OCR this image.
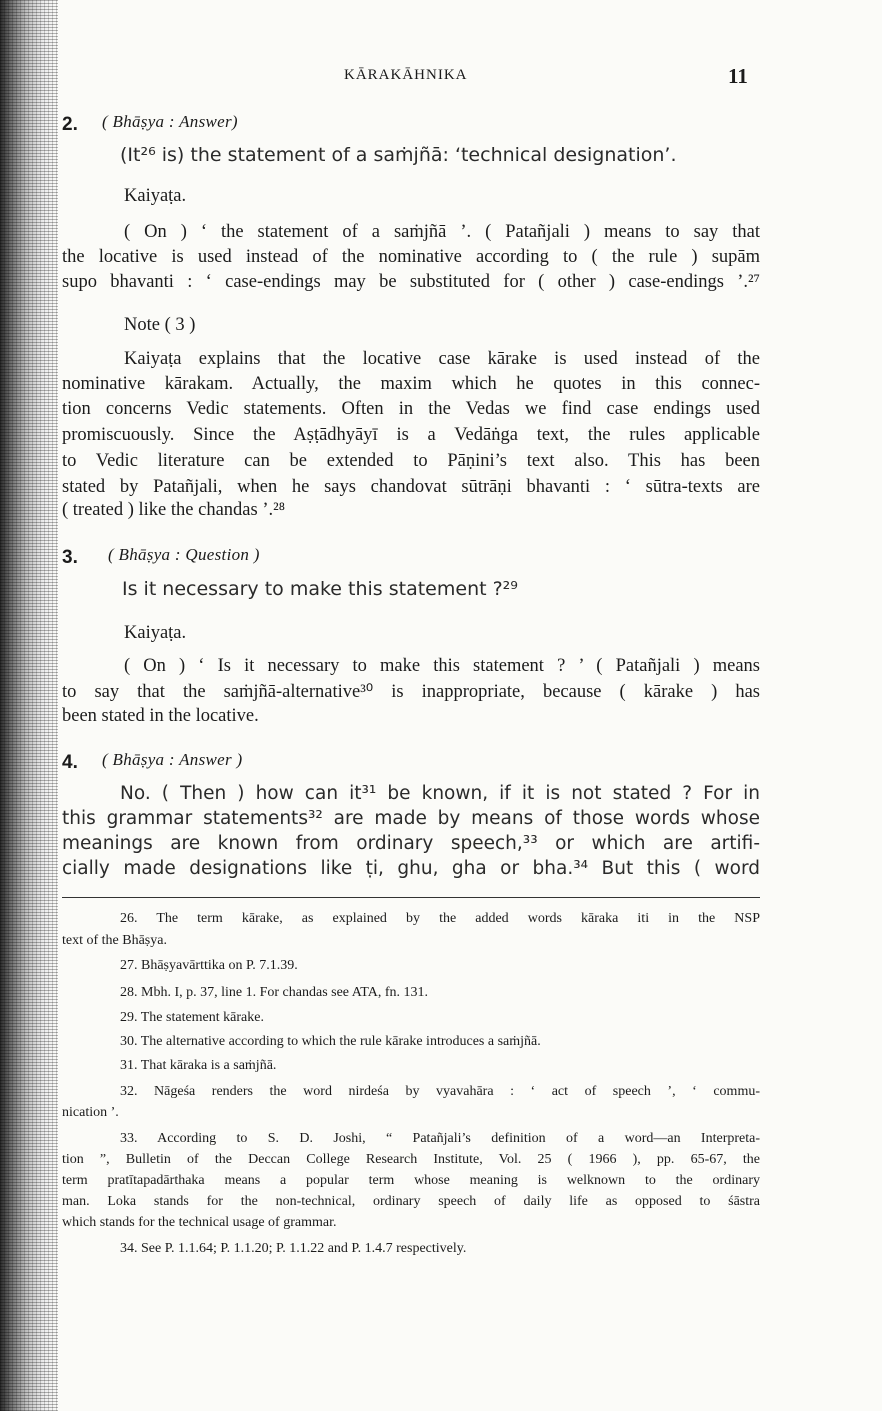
KĀRAKĀHNIKA	11
2. ( Bhāṣya : Answer)
(It²⁶ is) the statement of a saṁjñā: ‘technical designation’.
Kaiyaṭa.
( On ) ‘ the statement of a saṁjñā ’. ( Patañjali ) means to say that
the locative is used instead of the nominative according to ( the rule ) supām
supo bhavanti : ‘ case-endings may be substituted for ( other ) case-endings ’.²⁷
Note ( 3 )
Kaiyaṭa explains that the locative case kārake is used instead of the
nominative kārakam. Actually, the maxim which he quotes in this connec-
tion concerns Vedic statements. Often in the Vedas we find case endings used
promiscuously. Since the Aṣṭādhyāyī is a Vedāṅga text, the rules applicable
to Vedic literature can be extended to Pāṇini’s text also. This has been
stated by Patañjali, when he says chandovat sūtrāṇi bhavanti : ‘ sūtra-texts are
( treated ) like the chandas ’.²⁸
3. ( Bhāṣya : Question )
Is it necessary to make this statement ?²⁹
Kaiyaṭa.
( On ) ‘ Is it necessary to make this statement ? ’ ( Patañjali ) means
to say that the saṁjñā-alternative³⁰ is inappropriate, because ( kārake ) has
been stated in the locative.
4. ( Bhāṣya : Answer )
No. ( Then ) how can it³¹ be known, if it is not stated ? For in
this grammar statements³² are made by means of those words whose
meanings are known from ordinary speech,³³ or which are artifi-
cially made designations like ṭi, ghu, gha or bha.³⁴ But this ( word
26. The term kārake, as explained by the added words kāraka iti in the NSP
text of the Bhāṣya.
27. Bhāṣyavārttika on P. 7.1.39.
28. Mbh. I, p. 37, line 1. For chandas see ATA, fn. 131.
29. The statement kārake.
30. The alternative according to which the rule kārake introduces a saṁjñā.
31. That kāraka is a saṁjñā.
32. Nāgeśa renders the word nirdeśa by vyavahāra : ‘ act of speech ’, ‘ commu-
nication ’.
33. According to S. D. Joshi, “ Patañjali’s definition of a word—an Interpreta-
tion ”, Bulletin of the Deccan College Research Institute, Vol. 25 ( 1966 ), pp. 65-67, the
term pratītapadārthaka means a popular term whose meaning is welknown to the ordinary
man. Loka stands for the non-technical, ordinary speech of daily life as opposed to śāstra
which stands for the technical usage of grammar.
34. See P. 1.1.64; P. 1.1.20; P. 1.1.22 and P. 1.4.7 respectively.
